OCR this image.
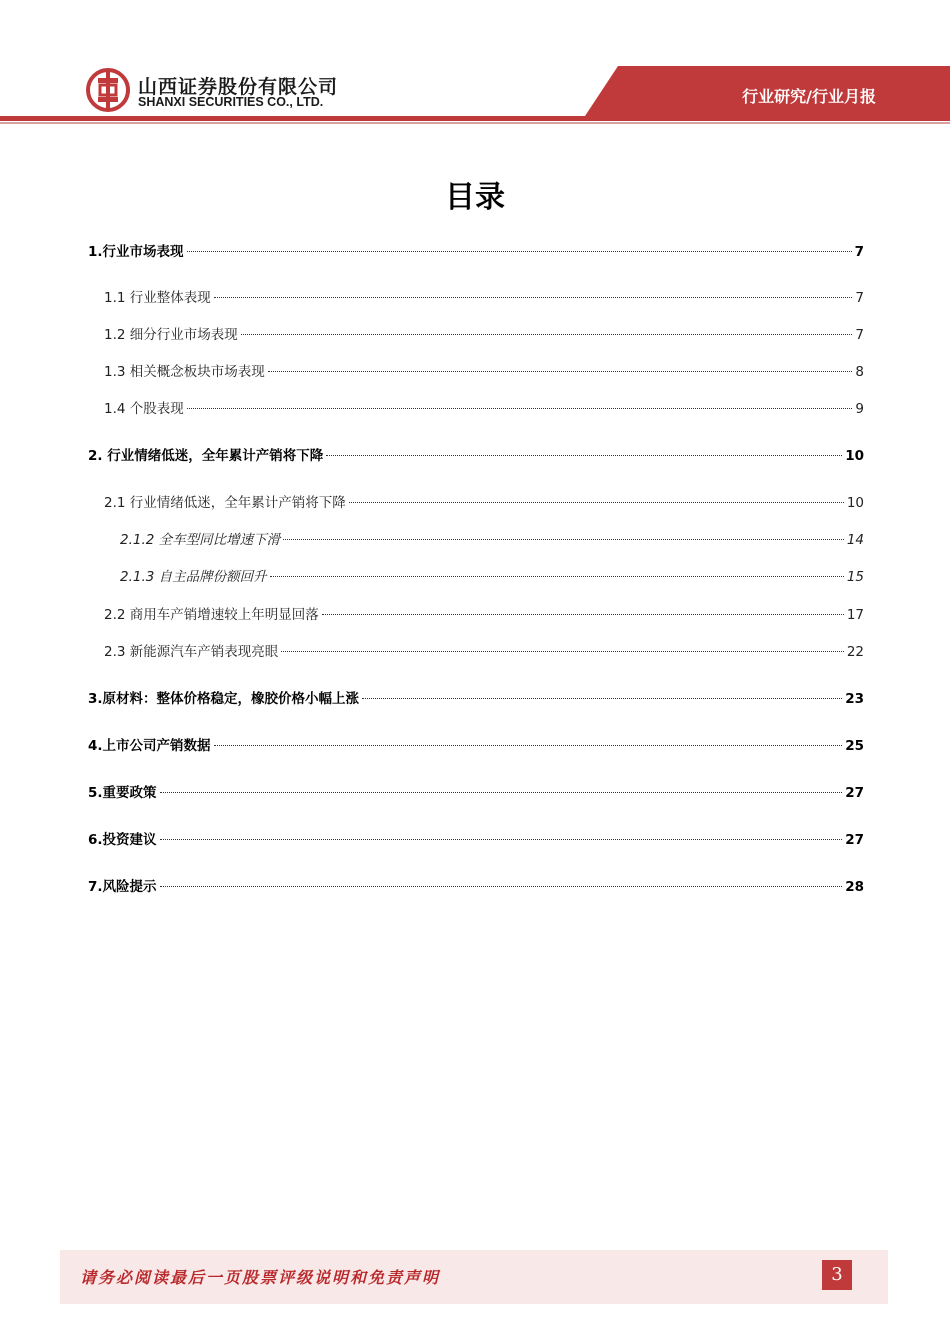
山西证券股份有限公司
SHANXI SECURITIES CO., LTD.	行业研究/行业月报
目录
1.行业市场表现	7
1.1 行业整体表现	7
1.2 细分行业市场表现	7
1.3 相关概念板块市场表现	8
1.4 个股表现	9
2. 行业情绪低迷，全年累计产销将下降	10
2.1 行业情绪低迷，全年累计产销将下降	10
2.1.2 全车型同比增速下滑	14
2.1.3 自主品牌份额回升	15
2.2 商用车产销增速较上年明显回落	17
2.3 新能源汽车产销表现亮眼	22
3.原材料：整体价格稳定，橡胶价格小幅上涨	23
4.上市公司产销数据	25
5.重要政策	27
6.投资建议	27
7.风险提示	28
请务必阅读最后一页股票评级说明和免责声明	3
